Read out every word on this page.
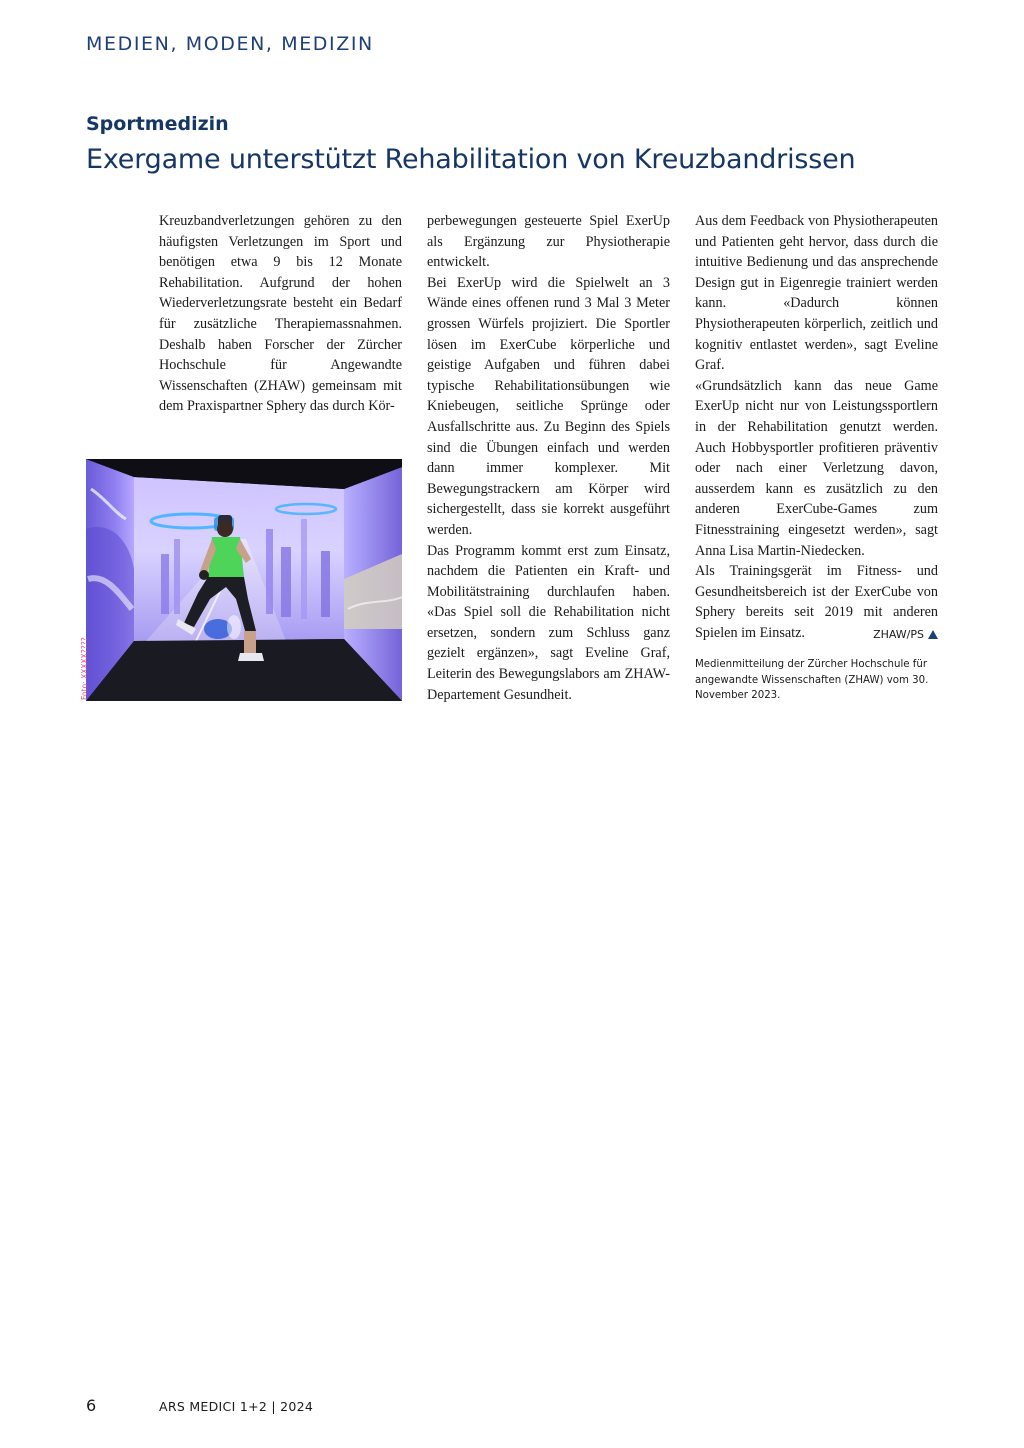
MEDIEN, MODEN, MEDIZIN
Sportmedizin
Exergame unterstützt Rehabilitation von Kreuzbandrissen

Kreuzbandverletzungen gehören zu den häufigsten Verletzungen im Sport und benötigen etwa 9 bis 12 Monate Rehabilitation. Aufgrund der hohen Wiederverletzungsrate besteht ein Bedarf für zusätzliche Therapiemassnahmen. Deshalb haben Forscher der Zürcher Hochschule für Angewandte Wissenschaften (ZHAW) gemeinsam mit dem Praxispartner Sphery das durch Kör-

perbewegungen gesteuerte Spiel ExerUp als Ergänzung zur Physiotherapie entwickelt.

Bei ExerUp wird die Spielwelt an 3 Wände eines offenen rund 3 Mal 3 Meter grossen Würfels projiziert. Die Sportler lösen im ExerCube körperliche und geistige Aufgaben und führen dabei typische Rehabilitationsübungen wie Kniebeugen, seitliche Sprünge oder Ausfallschritte aus. Zu Beginn des Spiels sind die Übungen einfach und werden dann immer komplexer. Mit Bewegungstrackern am Körper wird sichergestellt, dass sie korrekt ausgeführt werden.

Das Programm kommt erst zum Einsatz, nachdem die Patienten ein Kraft- und Mobilitätstraining durchlaufen haben. «Das Spiel soll die Rehabilitation nicht ersetzen, sondern zum Schluss ganz gezielt ergänzen», sagt Eveline Graf, Leiterin des Bewegungslabors am ZHAW-Departement Gesundheit.

Aus dem Feedback von Physiotherapeuten und Patienten geht hervor, dass durch die intuitive Bedienung und das ansprechende Design gut in Eigenregie trainiert werden kann. «Dadurch können Physiotherapeuten körperlich, zeitlich und kognitiv entlastet werden», sagt Eveline Graf.

«Grundsätzlich kann das neue Game ExerUp nicht nur von Leistungssportlern in der Rehabilitation genutzt werden. Auch Hobbysportler profitieren präventiv oder nach einer Verletzung davon, ausserdem kann es zusätzlich zu den anderen ExerCube-Games zum Fitnesstraining eingesetzt werden», sagt Anna Lisa Martin-Niedecken.

Als Trainingsgerät im Fitness- und Gesundheitsbereich ist der ExerCube von Sphery bereits seit 2019 mit anderen Spielen im Einsatz.	ZHAW/PS

Medienmitteilung der Zürcher Hochschule für angewandte Wissenschaften (ZHAW) vom 30. November 2023.

Foto: XXXXX????
6	ARS MEDICI 1+2 | 2024
